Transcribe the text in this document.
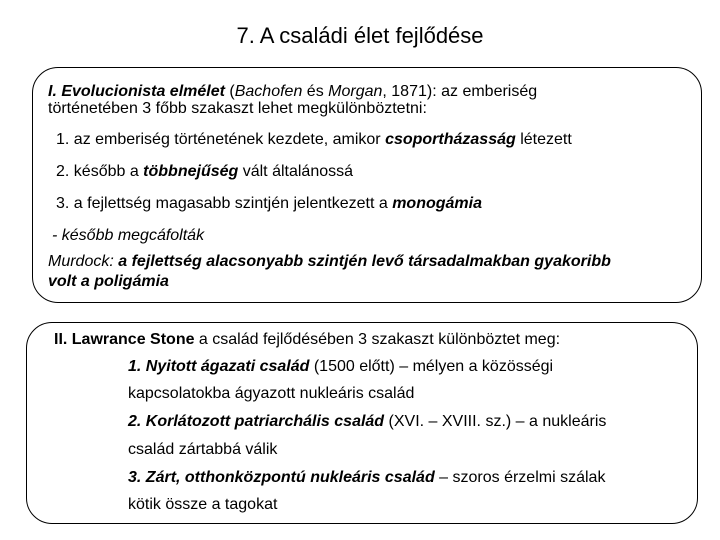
7. A családi élet fejlődése
I. Evolucionista elmélet (Bachofen és Morgan, 1871): az emberiség
történetében 3 főbb szakaszt lehet megkülönböztetni:
1. az emberiség történetének kezdete, amikor csoportházasság létezett
2. később a többnejűség vált általánossá
3. a fejlettség magasabb szintjén jelentkezett a monogámia
- később megcáfolták
Murdock: a fejlettség alacsonyabb szintjén levő társadalmakban gyakoribb
volt a poligámia
II. Lawrance Stone a család fejlődésében 3 szakaszt különböztet meg:
1. Nyitott ágazati család (1500 előtt) – mélyen a közösségi
kapcsolatokba ágyazott nukleáris család
2. Korlátozott patriarchális család (XVI. – XVIII. sz.) – a nukleáris
család zártabbá válik
3. Zárt, otthonközpontú nukleáris család – szoros érzelmi szálak
kötik össze a tagokat
